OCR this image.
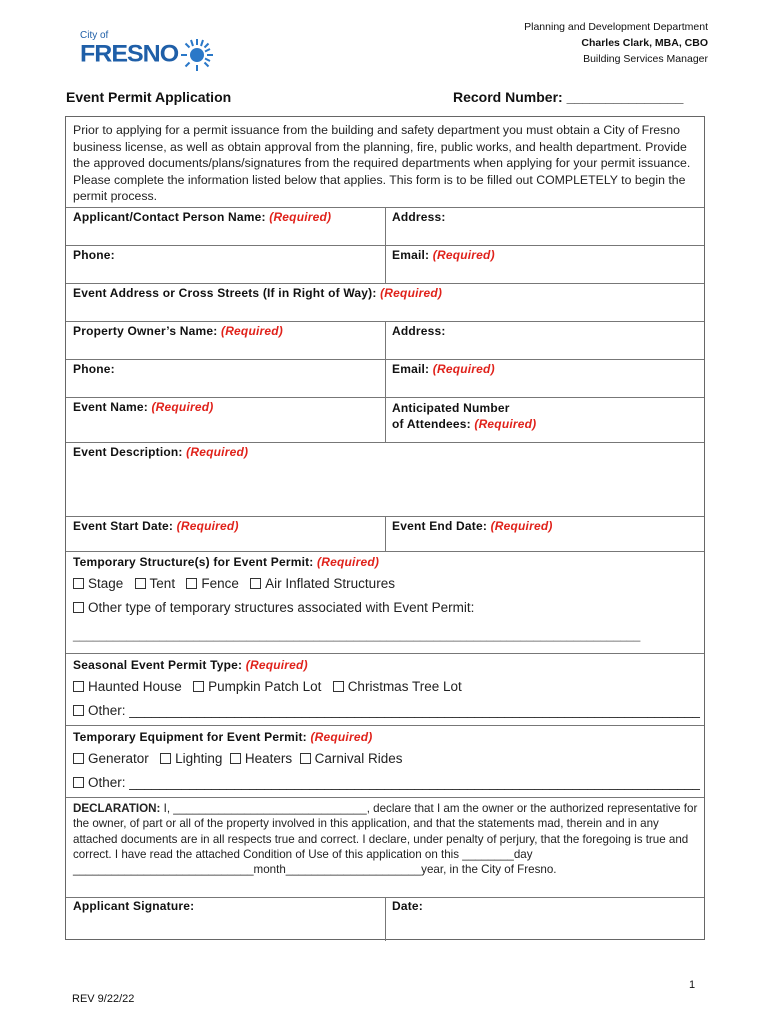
City of
FRESNO
Planning and Development Department
Charles Clark, MBA, CBO
Building Services Manager
Event Permit Application	Record Number: _______________
Prior to applying for a permit issuance from the building and safety department you must obtain a City of Fresno business license, as well as obtain approval from the planning, fire, public works, and health department. Provide the approved documents/plans/signatures from the required departments when applying for your permit issuance. Please complete the information listed below that applies. This form is to be filled out COMPLETELY to begin the permit process.
Applicant/Contact Person Name: (Required)	Address:
Phone:	Email: (Required)
Event Address or Cross Streets (If in Right of Way): (Required)
Property Owner’s Name: (Required)	Address:
Phone:	Email: (Required)
Event Name: (Required)	Anticipated Number
of Attendees: (Required)
Event Description: (Required)
Event Start Date: (Required)	Event End Date: (Required)
Temporary Structure(s) for Event Permit: (Required)
Stage Tent Fence Air Inflated Structures
Other type of temporary structures associated with Event Permit:
_____________________________________________________________________________________
Seasonal Event Permit Type: (Required)
Haunted House Pumpkin Patch Lot Christmas Tree Lot
Other: ____________________________________________________________________________
Temporary Equipment for Event Permit: (Required)
Generator Lighting Heaters Carnival Rides
Other: ____________________________________________________________________________
DECLARATION: I, ______________________________, declare that I am the owner or the authorized representative for the owner, of part or all of the property involved in this application, and that the statements mad, therein and in any attached documents are in all respects true and correct. I declare, under penalty of perjury, that the foregoing is true and correct. I have read the attached Condition of Use of this application on this ________day ____________________________month_____________________year, in the City of Fresno.
Applicant Signature:	Date:
1
REV 9/22/22
